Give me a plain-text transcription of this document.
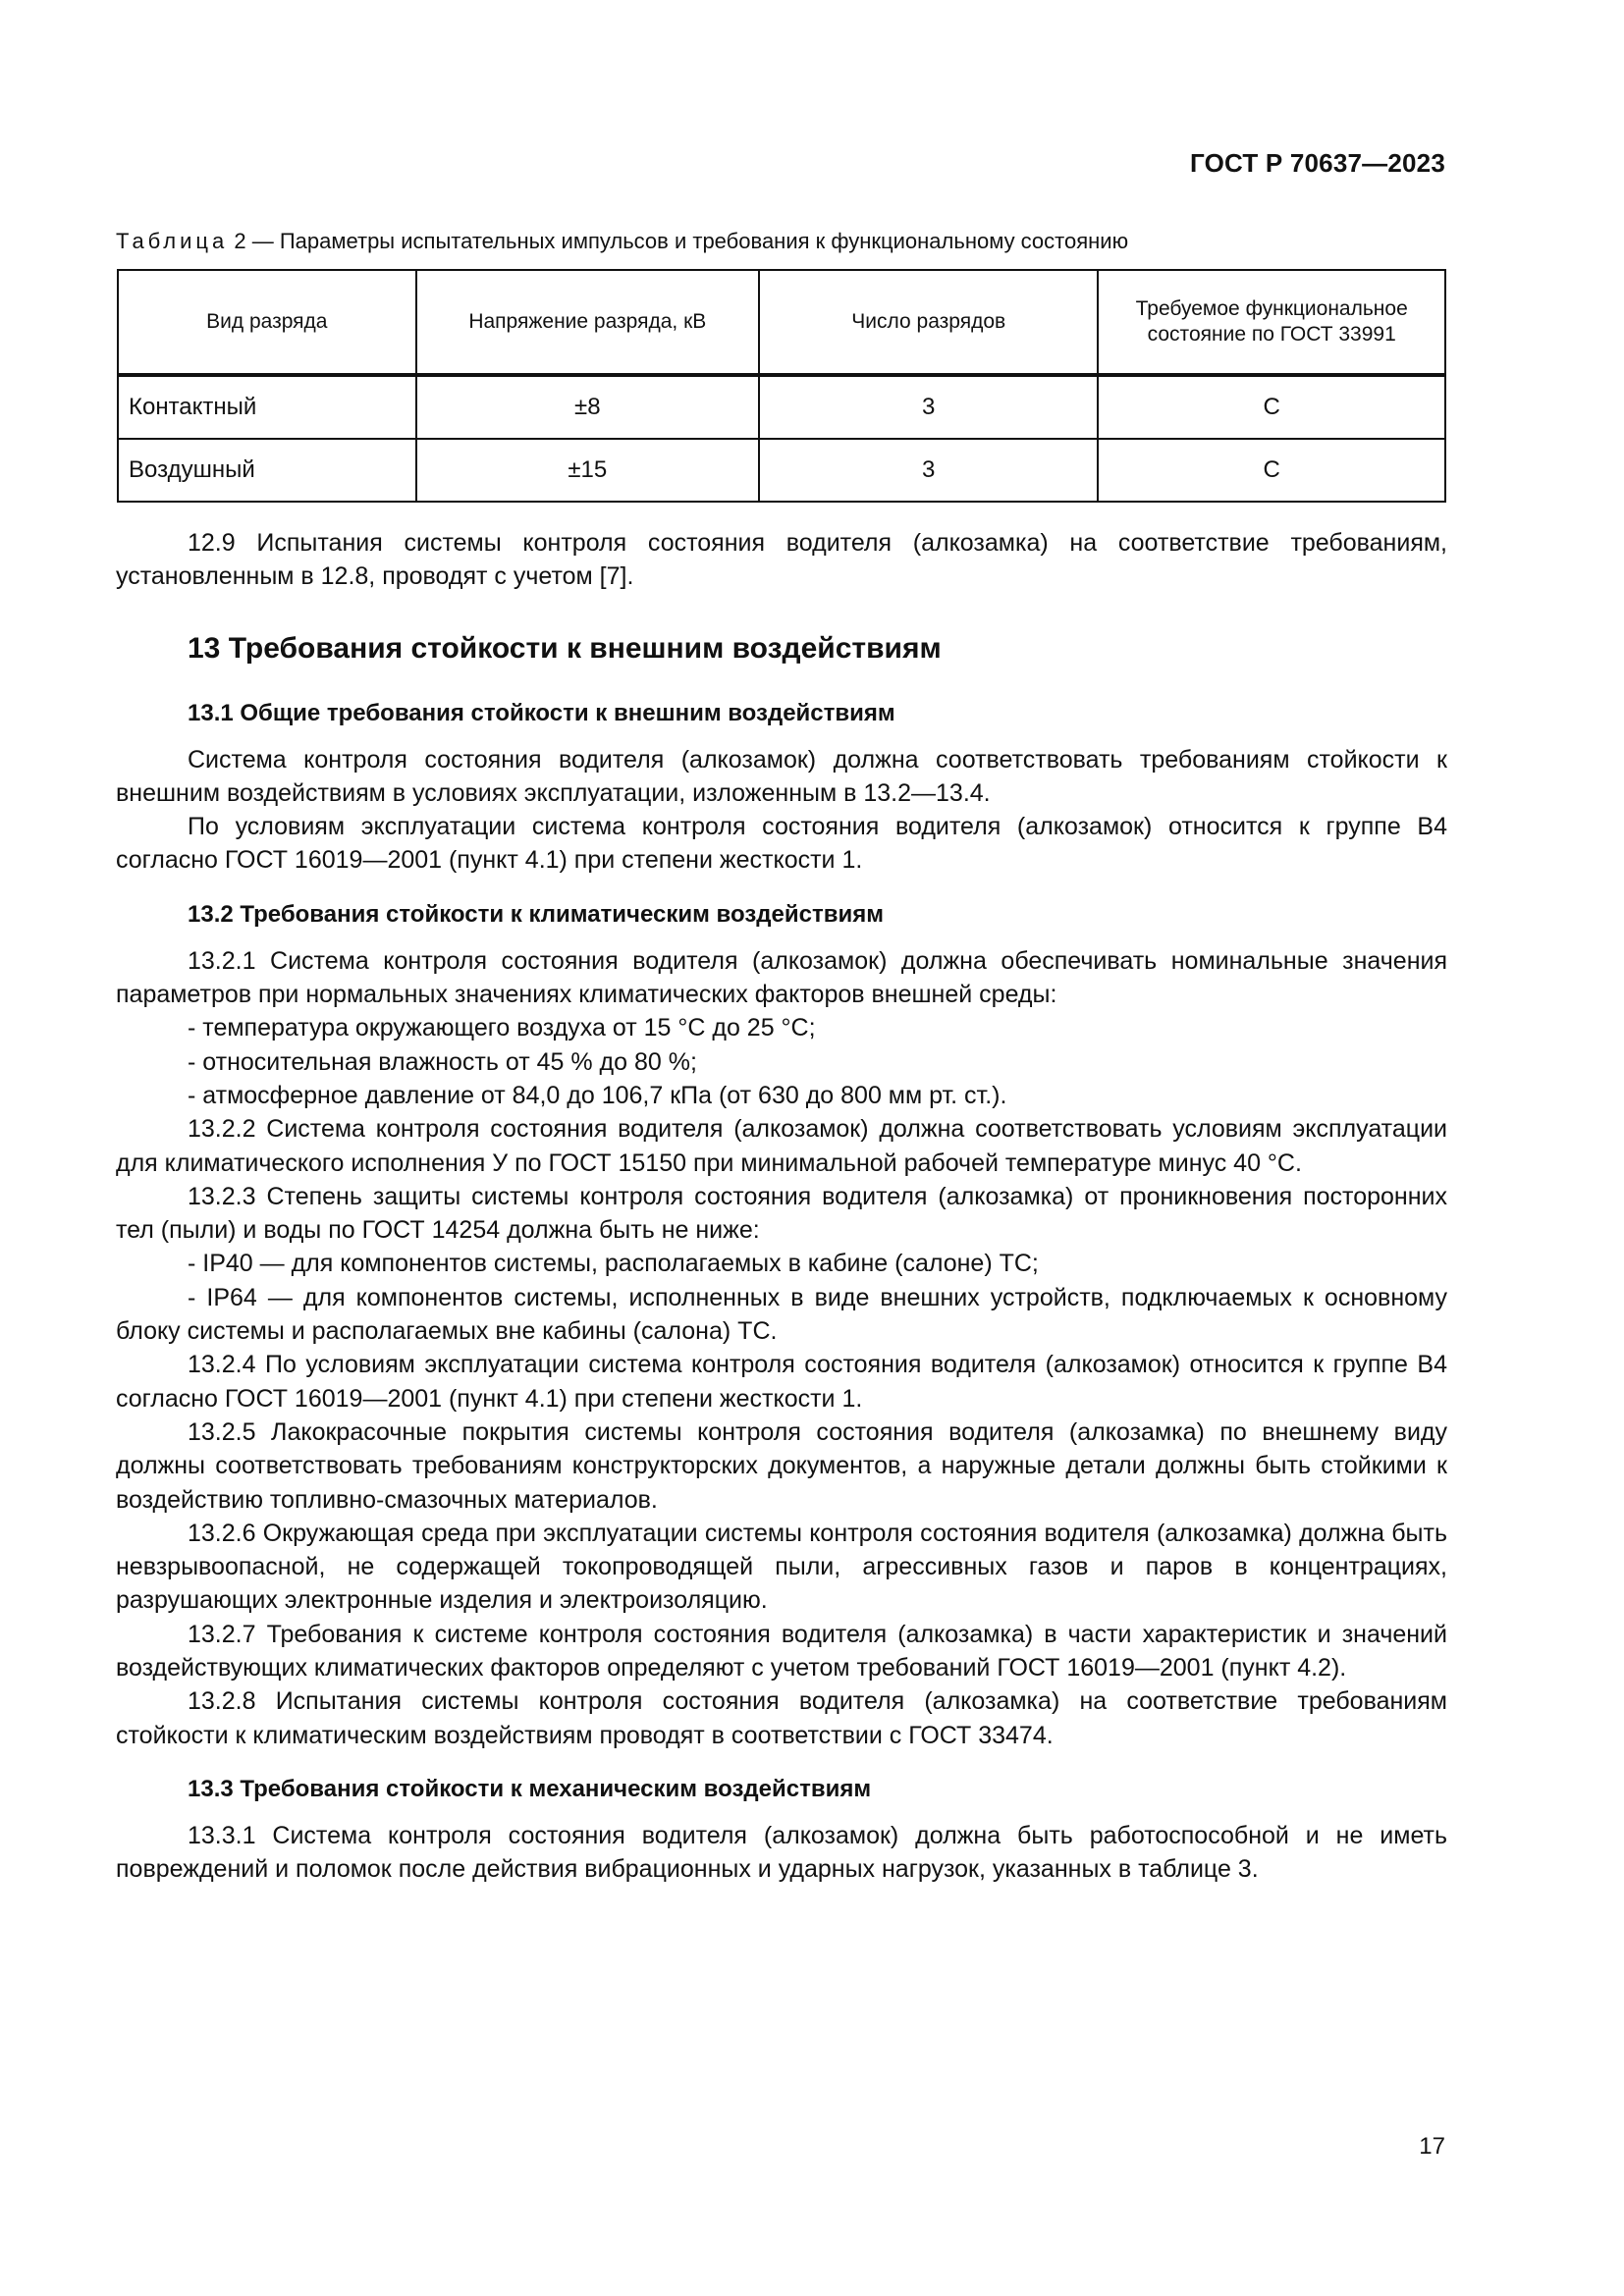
ГОСТ Р 70637—2023
Таблица 2 — Параметры испытательных импульсов и требования к функциональному состоянию
Вид разряда	Напряжение разряда, кВ	Число разрядов	Требуемое функциональное состояние по ГОСТ 33991
Контактный	±8	3	С
Воздушный	±15	3	С

12.9 Испытания системы контроля состояния водителя (алкозамка) на соответствие требованиям, установленным в 12.8, проводят с учетом [7].

13 Требования стойкости к внешним воздействиям
13.1 Общие требования стойкости к внешним воздействиям

Система контроля состояния водителя (алкозамок) должна соответствовать требованиям стойкости к внешним воздействиям в условиях эксплуатации, изложенным в 13.2—13.4.

По условиям эксплуатации система контроля состояния водителя (алкозамок) относится к группе В4 согласно ГОСТ 16019—2001 (пункт 4.1) при степени жесткости 1.

13.2 Требования стойкости к климатическим воздействиям

13.2.1 Система контроля состояния водителя (алкозамок) должна обеспечивать номинальные значения параметров при нормальных значениях климатических факторов внешней среды:

- температура окружающего воздуха от 15 °С до 25 °С;

- относительная влажность от 45 % до 80 %;

- атмосферное давление от 84,0 до 106,7 кПа (от 630 до 800 мм рт. ст.).

13.2.2 Система контроля состояния водителя (алкозамок) должна соответствовать условиям эксплуатации для климатического исполнения У по ГОСТ 15150 при минимальной рабочей температуре минус 40 °С.

13.2.3 Степень защиты системы контроля состояния водителя (алкозамка) от проникновения посторонних тел (пыли) и воды по ГОСТ 14254 должна быть не ниже:

- IP40 — для компонентов системы, располагаемых в кабине (салоне) ТС;

- IP64 — для компонентов системы, исполненных в виде внешних устройств, подключаемых к основному блоку системы и располагаемых вне кабины (салона) ТС.

13.2.4 По условиям эксплуатации система контроля состояния водителя (алкозамок) относится к группе В4 согласно ГОСТ 16019—2001 (пункт 4.1) при степени жесткости 1.

13.2.5 Лакокрасочные покрытия системы контроля состояния водителя (алкозамка) по внешнему виду должны соответствовать требованиям конструкторских документов, а наружные детали должны быть стойкими к воздействию топливно-смазочных материалов.

13.2.6 Окружающая среда при эксплуатации системы контроля состояния водителя (алкозамка) должна быть невзрывоопасной, не содержащей токопроводящей пыли, агрессивных газов и паров в концентрациях, разрушающих электронные изделия и электроизоляцию.

13.2.7 Требования к системе контроля состояния водителя (алкозамка) в части характеристик и значений воздействующих климатических факторов определяют с учетом требований ГОСТ 16019—2001 (пункт 4.2).

13.2.8 Испытания системы контроля состояния водителя (алкозамка) на соответствие требованиям стойкости к климатическим воздействиям проводят в соответствии с ГОСТ 33474.

13.3 Требования стойкости к механическим воздействиям

13.3.1 Система контроля состояния водителя (алкозамок) должна быть работоспособной и не иметь повреждений и поломок после действия вибрационных и ударных нагрузок, указанных в таблице 3.

17
